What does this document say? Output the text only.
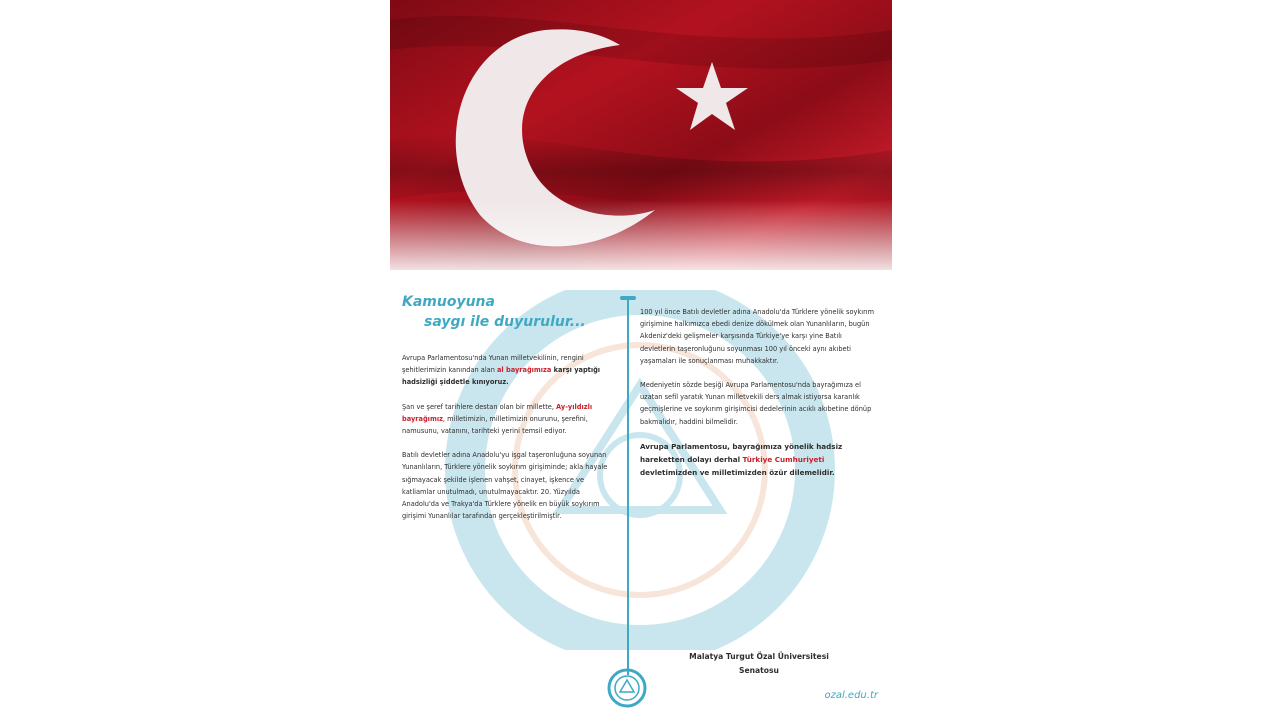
Kamuoyuna
saygı ile duyurulur...

Avrupa Parlamentosu'nda Yunan milletvekilinin, rengini şehitlerimizin kanından alan al bayrağımıza karşı yaptığı hadsizliği şiddetle kınıyoruz.

Şan ve şeref tarihlere destan olan bir millette, Ay-yıldızlı bayrağımız, milletimizin, milletimizin onurunu, şerefini, namusunu, vatanını, tarihteki yerini temsil ediyor.

Batılı devletler adına Anadolu'yu işgal taşeronluğuna soyunan Yunanlıların, Türklere yönelik soykırım girişiminde; akla hayale sığmayacak şekilde işlenen vahşet, cinayet, işkence ve katliamlar unutulmadı, unutulmayacaktır. 20. Yüzyılda Anadolu'da ve Trakya'da Türklere yönelik en büyük soykırım girişimi Yunanlılar tarafından gerçekleştirilmiştir.

100 yıl önce Batılı devletler adına Anadolu'da Türklere yönelik soykırım girişimine halkımızca ebedi denize dökülmek olan Yunanlıların, bugün Akdeniz'deki gelişmeler karşısında Türkiye'ye karşı yine Batılı devletlerin taşeronluğunu soyunması 100 yıl önceki aynı akıbeti yaşamaları ile sonuçlanması muhakkaktır.

Medeniyetin sözde beşiği Avrupa Parlamentosu'nda bayrağımıza el uzatan sefil yaratık Yunan milletvekili ders almak istiyorsa karanlık geçmişlerine ve soykırım girişimcisi dedelerinin acıklı akıbetine dönüp bakmalıdır, haddini bilmelidir.

Avrupa Parlamentosu, bayrağımıza yönelik hadsiz hareketten dolayı derhal Türkiye Cumhuriyeti devletimizden ve milletimizden özür dilemelidir.

Malatya Turgut Özal Üniversitesi
Senatosu
ozal.edu.tr
